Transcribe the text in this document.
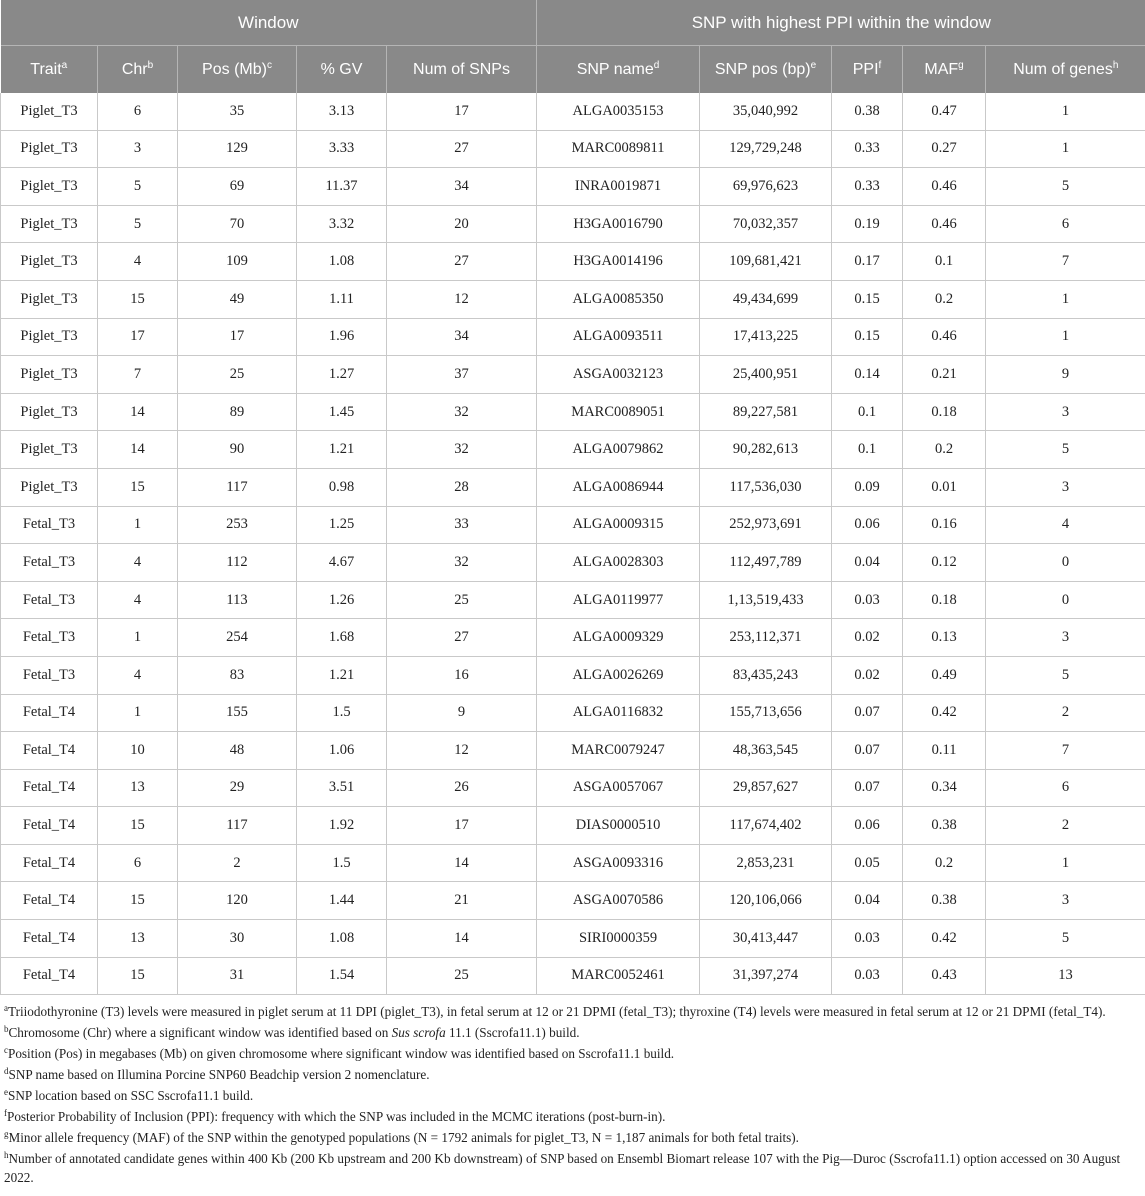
Window					SNP with highest PPI within the window				
Trait$^a$	Chr$^b$	Pos $(Mb)^c$	% GV	Num of SNPs	SNP name$^d$	SNP pos (bp)$^e$	PPI$^f$	MAF$^g$	Num of genes$^h$
Piglet_T3	6	35	3.13	17	ALGA0035153	35,040,992	0.38	0.47	1
Piglet_T3	3	129	3.33	27	MARC0089811	129,729,248	0.33	0.27	1
Piglet_T3	5	69	11.37	34	INRA0019871	69,976,623	0.33	0.46	5
Piglet_T3	5	70	3.32	20	H3GA0016790	70,032,357	0.19	0.46	6
Piglet_T3	4	109	1.08	27	H3GA0014196	109,681,421	0.17	0.1	7
Piglet_T3	15	49	1.11	12	ALGA0085350	49,434,699	0.15	0.2	1
Piglet_T3	17	17	1.96	34	ALGA0093511	17,413,225	0.15	0.46	1
Piglet_T3	7	25	1.27	37	ASGA0032123	25,400,951	0.14	0.21	9
Piglet_T3	14	89	1.45	32	MARC0089051	89,227,581	0.1	0.18	3
Piglet_T3	14	90	1.21	32	ALGA0079862	90,282,613	0.1	0.2	5
Piglet_T3	15	117	0.98	28	ALGA0086944	117,536,030	0.09	0.01	3
Fetal_T3	1	253	1.25	33	ALGA0009315	252,973,691	0.06	0.16	4
Fetal_T3	4	112	4.67	32	ALGA0028303	112,497,789	0.04	0.12	0
Fetal_T3	4	113	1.26	25	ALGA0119977	1,13,519,433	0.03	0.18	0
Fetal_T3	1	254	1.68	27	ALGA0009329	253,112,371	0.02	0.13	3
Fetal_T3	4	83	1.21	16	ALGA0026269	83,435,243	0.02	0.49	5
Fetal_T4	1	155	1.5	9	ALGA0116832	155,713,656	0.07	0.42	2
Fetal_T4	10	48	1.06	12	MARC0079247	48,363,545	0.07	0.11	7
Fetal_T4	13	29	3.51	26	ASGA0057067	29,857,627	0.07	0.34	6
Fetal_T4	15	117	1.92	17	DIAS0000510	117,674,402	0.06	0.38	2
Fetal_T4	6	2	1.5	14	ASGA0093316	2,853,231	0.05	0.2	1
Fetal_T4	15	120	1.44	21	ASGA0070586	120,106,066	0.04	0.38	3
Fetal_T4	13	30	1.08	14	SIRI0000359	30,413,447	0.03	0.42	5
Fetal_T4	15	31	1.54	25	MARC0052461	31,397,274	0.03	0.43	13
$^a$Triiodothyronine (T3) levels were measured in piglet serum at 11 DPI (piglet_T3), in fetal serum at 12 or 21 DPMI (fetal_T3); thyroxine (T4) levels were measured in fetal serum at 12 or 21 DPMI (fetal_T4).
$^b$Chromosome (Chr) where a significant window was identified based on Sus scrofa 11.1 (Sscrofa11.1) build.
$^c$Position (Pos) in megabases (Mb) on given chromosome where significant window was identified based on Sscrofa11.1 build.
$^d$SNP name based on Illumina Porcine SNP60 Beadchip version 2 nomenclature.
$^e$SNP location based on SSC Sscrofa11.1 build.
$^f$Posterior Probability of Inclusion (PPI): frequency with which the SNP was included in the MCMC iterations (post-burn-in).
$^g$Minor allele frequency (MAF) of the SNP within the genotyped populations (N = 1792 animals for piglet_T3, N = 1,187 animals for both fetal traits).
$^h$Number of annotated candidate genes within 400 Kb (200 Kb upstream and 200 Kb downstream) of SNP based on Ensembl Biomart release 107 with the Pig—Duroc (Sscrofa11.1) option accessed on 30 August 2022.
